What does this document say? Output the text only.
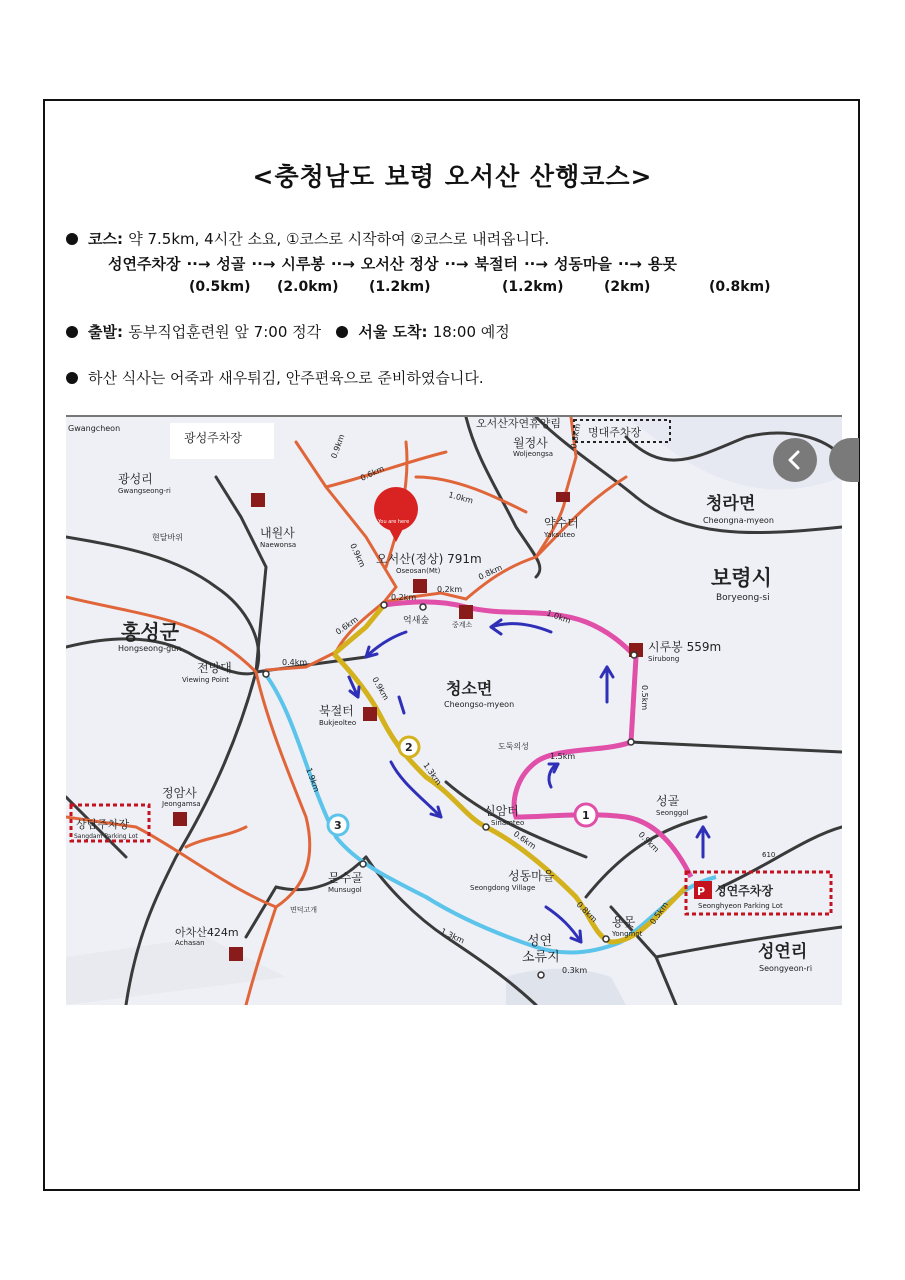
<충청남도 보령 오서산 산행코스>
코스: 약 7.5km, 4시간 소요, ①코스로 시작하여 ②코스로 내려옵니다.
성연주차장 ··→ 성골 ··→ 시루봉 ··→ 오서산 정상 ··→ 북절터 ··→ 성동마을 ··→ 용못
(0.5km) (2.0km) (1.2km)	(1.2km)	(2km)	(0.8km)
출발: 동부직업훈련원 앞 7:00 정각 서울 도착: 18:00 예정
하산 식사는 어죽과 새우튀김, 안주편육으로 준비하였습니다.
Gwangcheon
광성주차장 P
오서산자연휴양림
명대주차장
월정사
Woljeongsa
광성리
Gwangseong-ri
현달바위	내원사
Naewonsa
약수터
Yaksuteo
청라면
Cheongna-myeon
오서산(정상) 791m
Oseosan(Mt)	보령시
Boryeong-si
홍성군
Hongseong-gun
억새숲	중계소
시루봉 559m
Sirubong
전망대
Viewing Point	청소면
Cheongso-myeon
북절터
Bukjeolteo
도둑의성
정암사
Jeongamsa
상담주차장
Sangdam Parking Lot
신암터
Sinamteo
성골
Seonggol
문수골
Munsugol
성동마을
Seongdong Village	성연주차장
Seonghyeon Parking Lot
P
면덕고개
아차산424m
Achasan	성연
소류지
용못
Yongmot
성연리
Seongyeon-ri
610
You are here
2
1
3
0.9km
0.6km
1.0km
0.9km
0.2km
0.2km
0.8km
1.0km
0.6km
0.4km
0.9km	0.5km
1.5km
1.3km
1.9km
0.6km	0.9km
0.8km	0.5km
1.3km
0.3km
0.8km
